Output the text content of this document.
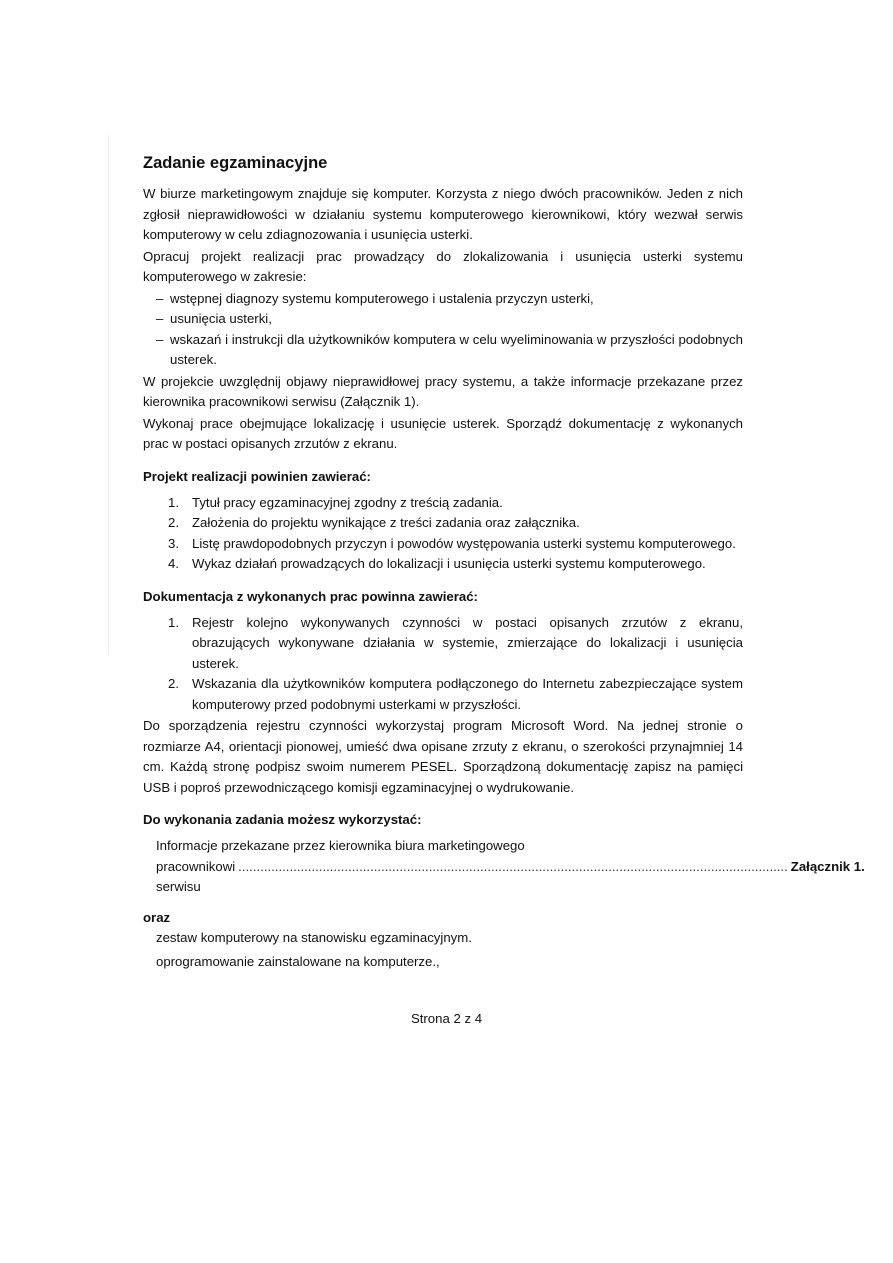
Zadanie egzaminacyjne

W biurze marketingowym znajduje się komputer. Korzysta z niego dwóch pracowników. Jeden z nich zgłosił nieprawidłowości w działaniu systemu komputerowego kierownikowi, który wezwał serwis komputerowy w celu zdiagnozowania i usunięcia usterki.

Opracuj projekt realizacji prac prowadzący do zlokalizowania i usunięcia usterki systemu komputerowego w zakresie:

– wstępnej diagnozy systemu komputerowego i ustalenia przyczyn usterki,
– usunięcia usterki,
– wskazań i instrukcji dla użytkowników komputera w celu wyeliminowania w przyszłości podobnych usterek.

W projekcie uwzględnij objawy nieprawidłowej pracy systemu, a także informacje przekazane przez kierownika pracownikowi serwisu (Załącznik 1).

Wykonaj prace obejmujące lokalizację i usunięcie usterek. Sporządź dokumentację z wykonanych prac w postaci opisanych zrzutów z ekranu.

Projekt realizacji powinien zawierać:
1. Tytuł pracy egzaminacyjnej zgodny z treścią zadania.
2. Założenia do projektu wynikające z treści zadania oraz załącznika.
3. Listę prawdopodobnych przyczyn i powodów występowania usterki systemu komputerowego.
4. Wykaz działań prowadzących do lokalizacji i usunięcia usterki systemu komputerowego.
Dokumentacja z wykonanych prac powinna zawierać:
1. Rejestr kolejno wykonywanych czynności w postaci opisanych zrzutów z ekranu, obrazujących wykonywane działania w systemie, zmierzające do lokalizacji i usunięcia usterek.
2. Wskazania dla użytkowników komputera podłączonego do Internetu zabezpieczające system komputerowy przed podobnymi usterkami w przyszłości.

Do sporządzenia rejestru czynności wykorzystaj program Microsoft Word. Na jednej stronie o rozmiarze A4, orientacji pionowej, umieść dwa opisane zrzuty z ekranu, o szerokości przynajmniej 14 cm. Każdą stronę podpisz swoim numerem PESEL. Sporządzoną dokumentację zapisz na pamięci USB i poproś przewodniczącego komisji egzaminacyjnej o wydrukowanie.

Do wykonania zadania możesz wykorzystać:
Informacje przekazane przez kierownika biura marketingowego
pracownikowi serwisu
...................................................................................................................................................... Załącznik 1.
oraz
zestaw komputerowy na stanowisku egzaminacyjnym.
oprogramowanie zainstalowane na komputerze.,
Strona 2 z 4
